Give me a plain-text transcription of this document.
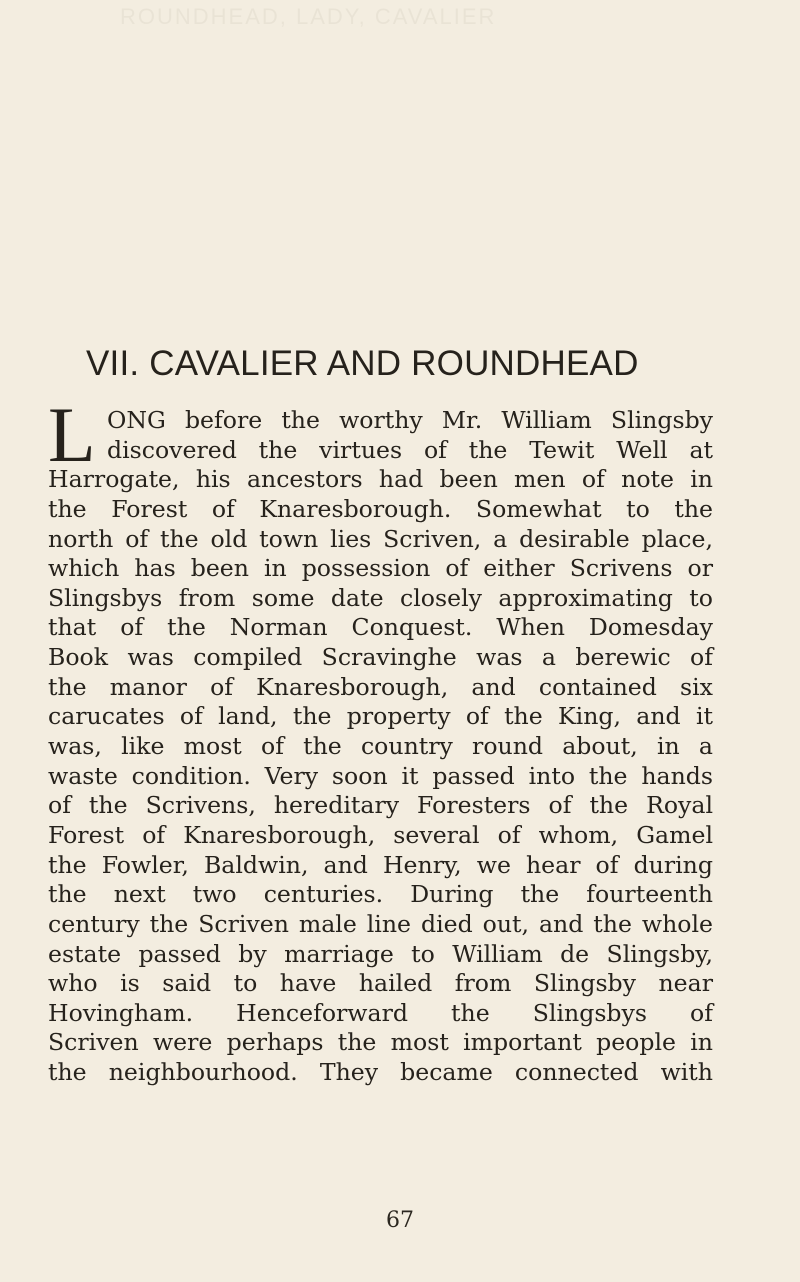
ROUNDHEAD, LADY, CAVALIER
VII. CAVALIER AND ROUNDHEAD
L ONG before the worthy Mr. William Slingsby
discovered the virtues of the Tewit Well at
Harrogate, his ancestors had been men of note in
the Forest of Knaresborough. Somewhat to the
north of the old town lies Scriven, a desirable place,
which has been in possession of either Scrivens or
Slingsbys from some date closely approximating to
that of the Norman Conquest. When Domesday
Book was compiled Scravinghe was a berewic of
the manor of Knaresborough, and contained six
carucates of land, the property of the King, and it
was, like most of the country round about, in a
waste condition. Very soon it passed into the hands
of the Scrivens, hereditary Foresters of the Royal
Forest of Knaresborough, several of whom, Gamel
the Fowler, Baldwin, and Henry, we hear of during
the next two centuries. During the fourteenth
century the Scriven male line died out, and the whole
estate passed by marriage to William de Slingsby,
who is said to have hailed from Slingsby near
Hovingham. Henceforward the Slingsbys of
Scriven were perhaps the most important people in
the neighbourhood. They became connected with
67
